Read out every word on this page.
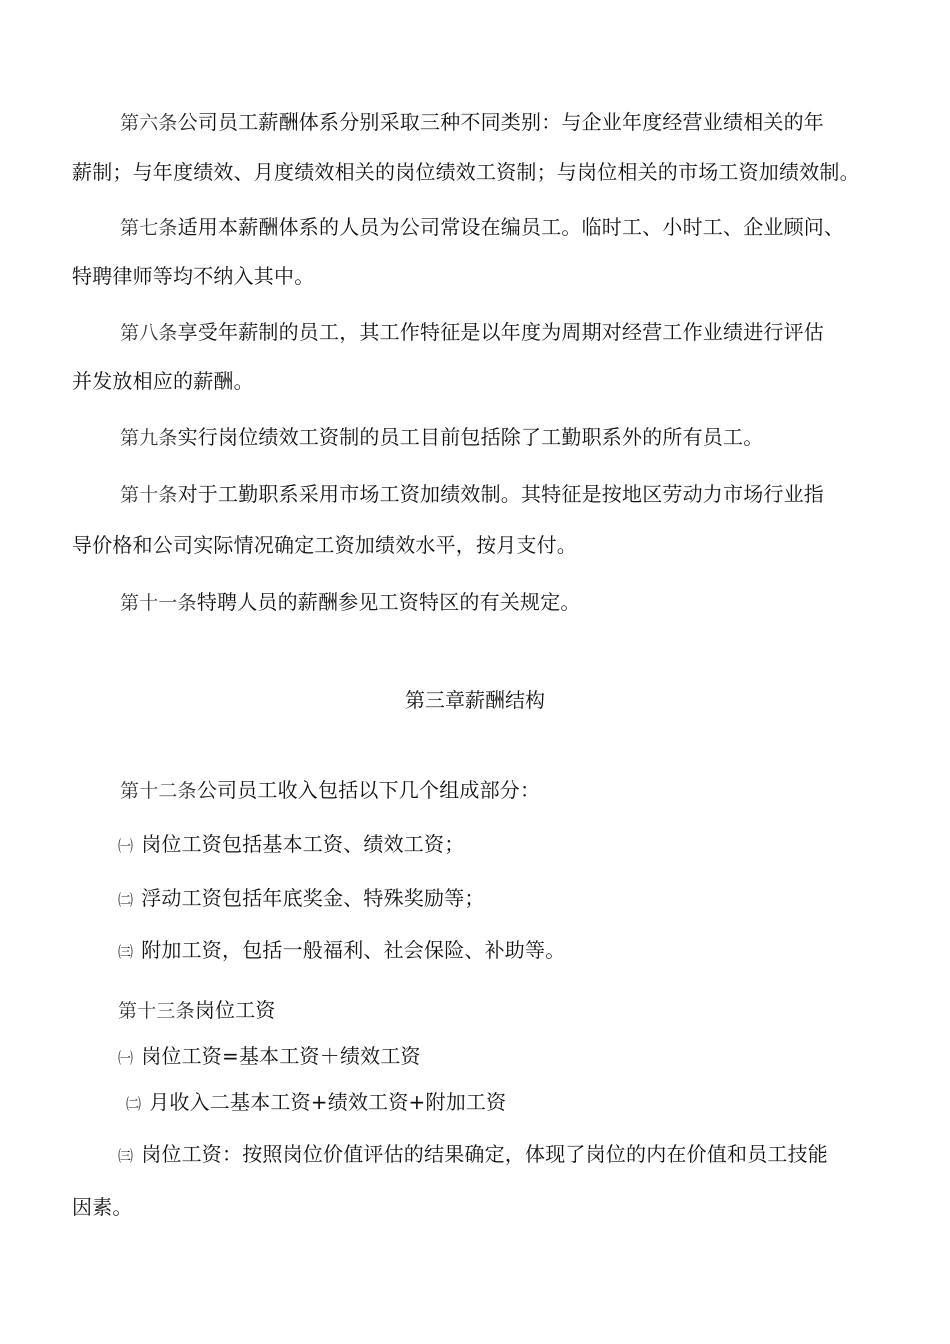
第六条公司员工薪酬体系分别采取三种不同类别：与企业年度经营业绩相关的年
薪制；与年度绩效、月度绩效相关的岗位绩效工资制；与岗位相关的市场工资加绩效制。
第七条适用本薪酬体系的人员为公司常设在编员工。临时工、小时工、企业顾问、
特聘律师等均不纳入其中。
第八条享受年薪制的员工，其工作特征是以年度为周期对经营工作业绩进行评估
并发放相应的薪酬。
第九条实行岗位绩效工资制的员工目前包括除了工勤职系外的所有员工。
第十条对于工勤职系采用市场工资加绩效制。其特征是按地区劳动力市场行业指
导价格和公司实际情况确定工资加绩效水平，按月支付。
第十一条特聘人员的薪酬参见工资特区的有关规定。
第三章薪酬结构
第十二条公司员工收入包括以下几个组成部分：
㈠ 岗位工资包括基本工资、绩效工资；
㈡ 浮动工资包括年底奖金、特殊奖励等；
㈢ 附加工资，包括一般福利、社会保险、补助等。
第十三条岗位工资
㈠ 岗位工资=基本工资＋绩效工资
㈡ 月收入二基本工资+绩效工资+附加工资
㈢ 岗位工资：按照岗位价值评估的结果确定，体现了岗位的内在价值和员工技能
因素。
